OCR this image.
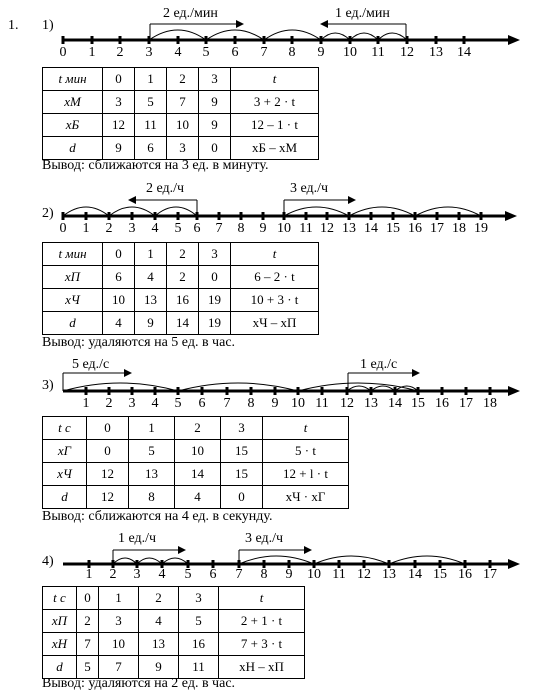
1. 1)
2 ед./мин	1 ед./мин
0 1 2 3 4 5 6 7 8 9 10 11 12 13 14
t мин	0	1	2	3	t
xМ	3	5	7	9	3 + 2 · t
xБ	12	11	10	9	12 – 1 · t
d	9	6	3	0	xБ – xМ
Вывод: сближаются на 3 ед. в минуту.
2)
2 ед./ч	3 ед./ч
0 1 2 3 4 5 6 7 8 9 10 11 12 13 14 15 16 17 18 19
t мин	0	1	2	3	t
xП	6	4	2	0	6 – 2 · t
xЧ	10	13	16	19	10 + 3 · t
d	4	9	14	19	xЧ – xП
Вывод: удаляются на 5 ед. в час.
3)
5 ед./с	1 ед./с
1 2 3 4 5 6 7 8 9 10 11 12 13 14 15 16 17 18
t с	0	1	2	3	t
xГ	0	5	10	15	5 · t
xЧ	12	13	14	15	12 + l · t
d	12	8	4	0	xЧ · xГ
Вывод: сближаются на 4 ед. в секунду.
4)
1 ед./ч	3 ед./ч
1 2 3 4 5 6 7 8 9 10 11 12 13 14 15 16 17
t с	0	1	2	3	t
xП	2	3	4	5	2 + 1 · t
xН	7	10	13	16	7 + 3 · t
d	5	7	9	11	xН – xП
Вывод: удаляются на 2 ед. в час.
